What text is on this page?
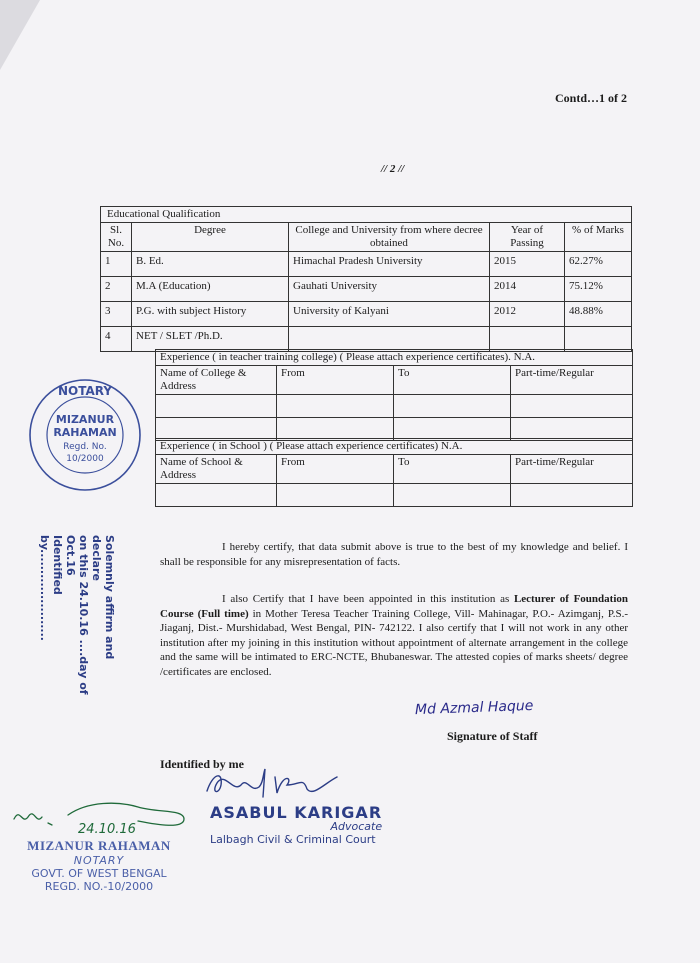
Contd…1 of 2
// 2 //
Educational Qualification				
Sl. No.	Degree	College and University from where decree obtained	Year of Passing	% of Marks
1	B. Ed.	Himachal Pradesh University	2015	62.27%
2	M.A (Education)	Gauhati University	2014	75.12%
3	P.G. with subject History	University of Kalyani	2012	48.88%
4	NET / SLET /Ph.D.			
Experience ( in teacher training college) ( Please attach experience certificates). N.A.			
Name of College & Address	From	To	Part-time/Regular

Experience ( in School ) ( Please attach experience certificates) N.A.			
Name of School & Address	From	To	Part-time/Regular

I hereby certify, that data submit above is true to the best of my knowledge and belief. I shall be responsible for any misrepresentation of facts.
I also Certify that I have been appointed in this institution as Lecturer of Foundation Course (Full time) in Mother Teresa Teacher Training College, Vill- Mahinagar, P.O.- Azimganj, P.S.- Jiaganj, Dist.- Murshidabad, West Bengal, PIN- 742122. I also certify that I will not work in any other institution after my joining in this institution without appointment of alternate arrangement in the college and the same will be intimated to ERC-NCTE, Bhubaneswar. The attested copies of marks sheets/ degree /certificates are enclosed.
Md Azmal Haque
Signature of Staff
Identified by me
ASABUL KARIGAR
Advocate
Lalbagh Civil & Criminal Court
NOTARY
MIZANUR
RAHAMAN
Regd. No.
10/2000
Solemnly affirm and declare
on this 24.10.16 ....day of Oct.16
Identified by......................
24.10.16
MIZANUR RAHAMAN
NOTARY
GOVT. OF WEST BENGAL
REGD. NO.-10/2000
